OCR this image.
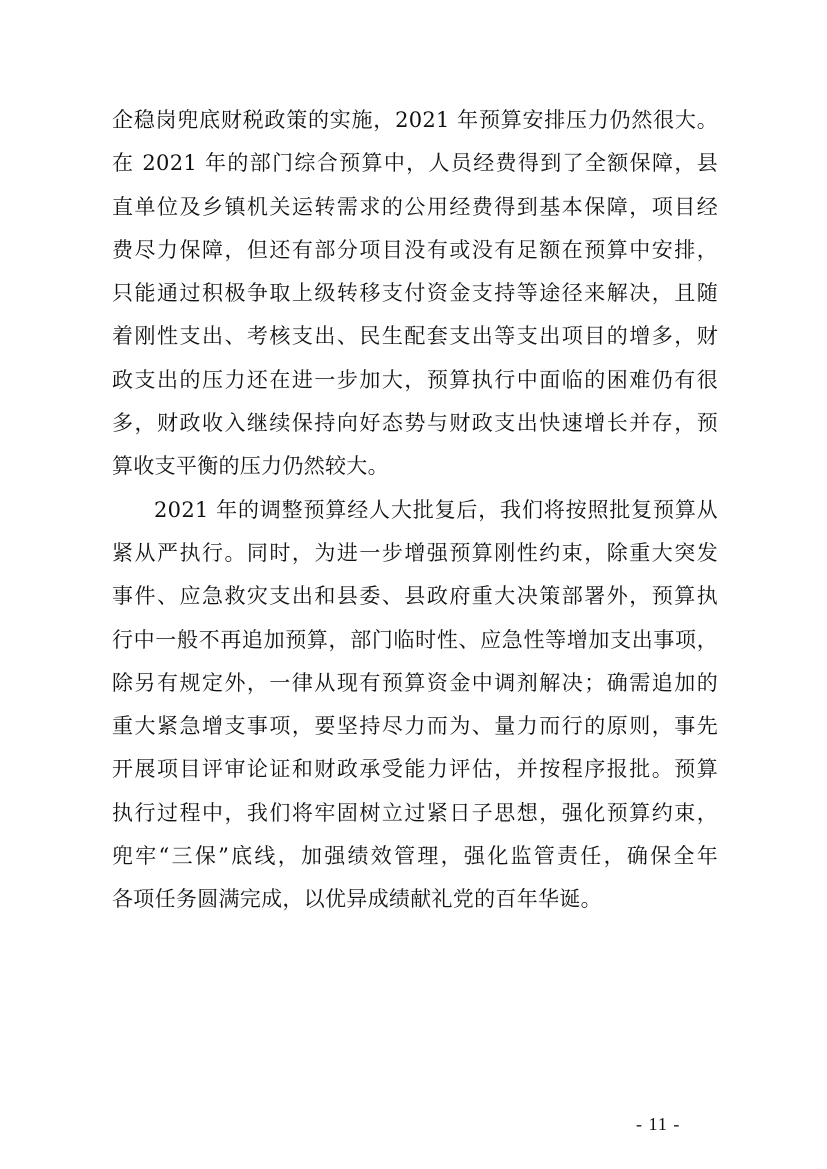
企稳岗兜底财税政策的实施，2021 年预算安排压力仍然很大。
在 2021 年的部门综合预算中，人员经费得到了全额保障，县
直单位及乡镇机关运转需求的公用经费得到基本保障，项目经
费尽力保障，但还有部分项目没有或没有足额在预算中安排，
只能通过积极争取上级转移支付资金支持等途径来解决，且随
着刚性支出、考核支出、民生配套支出等支出项目的增多，财
政支出的压力还在进一步加大，预算执行中面临的困难仍有很
多，财政收入继续保持向好态势与财政支出快速增长并存，预
算收支平衡的压力仍然较大。
2021 年的调整预算经人大批复后，我们将按照批复预算从
紧从严执行。同时，为进一步增强预算刚性约束，除重大突发
事件、应急救灾支出和县委、县政府重大决策部署外，预算执
行中一般不再追加预算，部门临时性、应急性等增加支出事项，
除另有规定外，一律从现有预算资金中调剂解决；确需追加的
重大紧急增支事项，要坚持尽力而为、量力而行的原则，事先
开展项目评审论证和财政承受能力评估，并按程序报批。预算
执行过程中，我们将牢固树立过紧日子思想，强化预算约束，
兜牢“三保”底线，加强绩效管理，强化监管责任，确保全年
各项任务圆满完成，以优异成绩献礼党的百年华诞。
- 11 -
